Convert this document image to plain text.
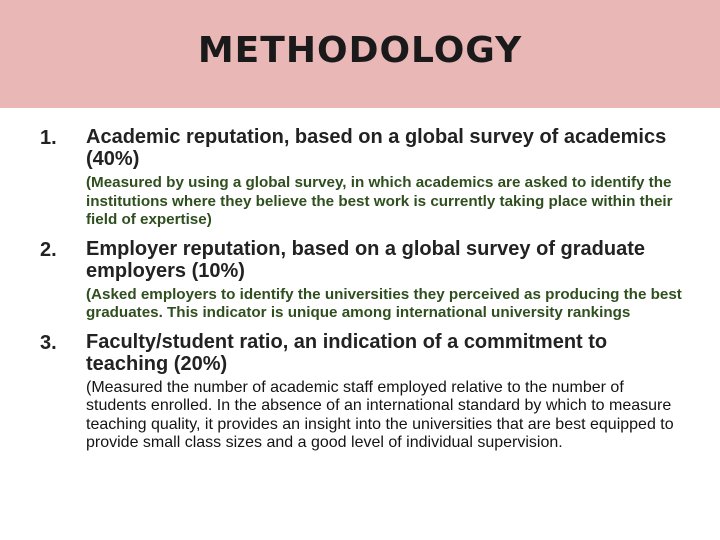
METHODOLOGY
1. Academic reputation, based on a global survey of academics (40%)
(Measured by using a global survey, in which academics are asked to identify the institutions where they believe the best work is currently taking place within their field of expertise)
2. Employer reputation, based on a global survey of graduate employers (10%)
(Asked employers to identify the universities they perceived as producing the best graduates. This indicator is unique among international university rankings
3. Faculty/student ratio, an indication of a commitment to teaching (20%)
(Measured the number of academic staff employed relative to the number of students enrolled. In the absence of an international standard by which to measure teaching quality, it provides an insight into the universities that are best equipped to provide small class sizes and a good level of individual supervision.
